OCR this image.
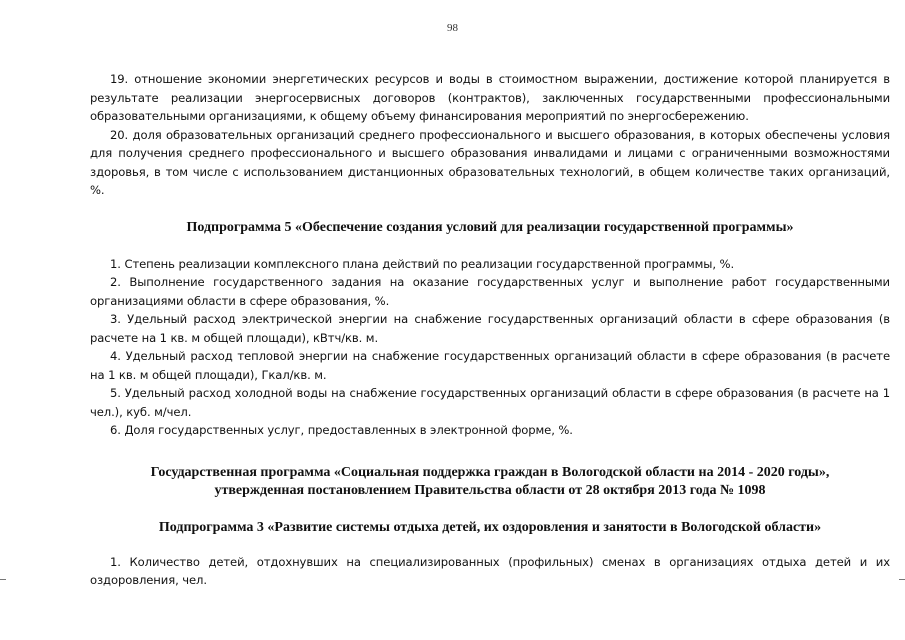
98

19. отношение экономии энергетических ресурсов и воды в стоимостном выражении, достижение которой планируется в результате реализации энергосервисных договоров (контрактов), заключенных государственными профессиональными образовательными организациями, к общему объему финансирования мероприятий по энергосбережению.

20. доля образовательных организаций среднего профессионального и высшего образования, в которых обеспечены условия для получения среднего профессионального и высшего образования инвалидами и лицами с ограниченными возможностями здоровья, в том числе с использованием дистанционных образовательных технологий, в общем количестве таких организаций, %.

Подпрограмма 5 «Обеспечение создания условий для реализации государственной программы»

1. Степень реализации комплексного плана действий по реализации государственной программы, %.

2. Выполнение государственного задания на оказание государственных услуг и выполнение работ государственными организациями области в сфере образования, %.

3. Удельный расход электрической энергии на снабжение государственных организаций области в сфере образования (в расчете на 1 кв. м общей площади), кВтч/кв. м.

4. Удельный расход тепловой энергии на снабжение государственных организаций области в сфере образования (в расчете на 1 кв. м общей площади), Гкал/кв. м.

5. Удельный расход холодной воды на снабжение государственных организаций области в сфере образования (в расчете на 1 чел.), куб. м/чел.

6. Доля государственных услуг, предоставленных в электронной форме, %.

Государственная программа «Социальная поддержка граждан в Вологодской области на 2014 - 2020 годы»,

утвержденная постановлением Правительства области от 28 октября 2013 года № 1098

Подпрограмма 3 «Развитие системы отдыха детей, их оздоровления и занятости в Вологодской области»

1. Количество детей, отдохнувших на специализированных (профильных) сменах в организациях отдыха детей и их оздоровления, чел.
